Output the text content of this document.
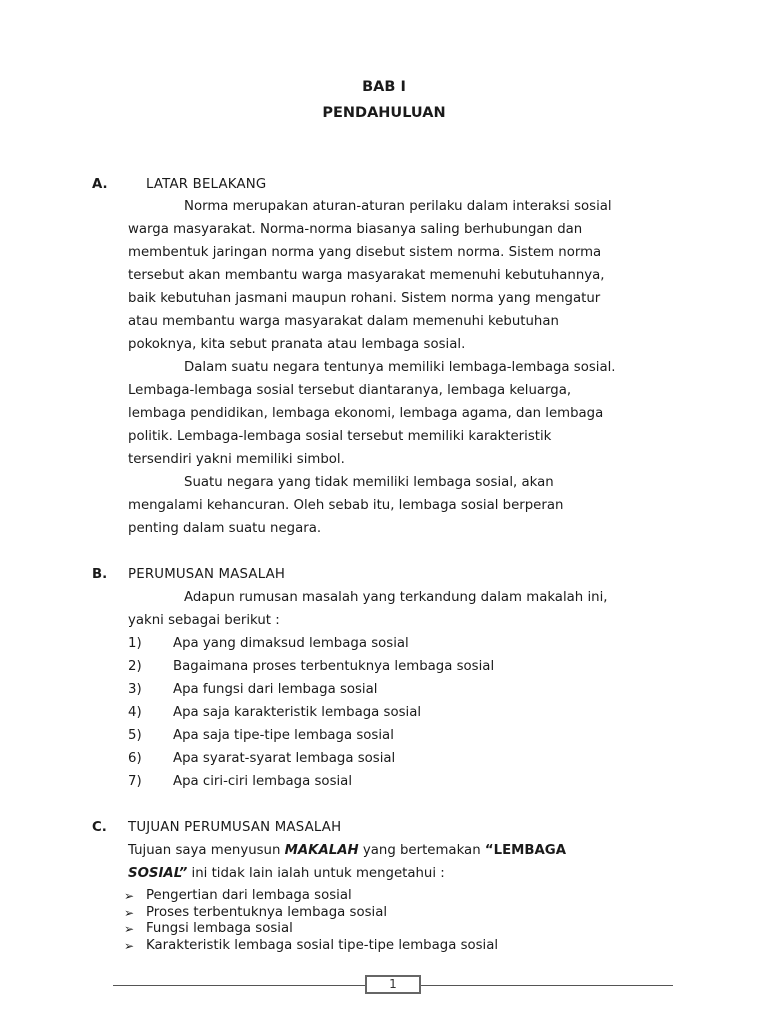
BAB I
PENDAHULUAN
A.	LATAR BELAKANG
Norma merupakan aturan-aturan perilaku dalam interaksi sosial
warga masyarakat. Norma-norma biasanya saling berhubungan dan
membentuk jaringan norma yang disebut sistem norma. Sistem norma
tersebut akan membantu warga masyarakat memenuhi kebutuhannya,
baik kebutuhan jasmani maupun rohani. Sistem norma yang mengatur
atau membantu warga masyarakat dalam memenuhi kebutuhan
pokoknya, kita sebut pranata atau lembaga sosial.
Dalam suatu negara tentunya memiliki lembaga-lembaga sosial.
Lembaga-lembaga sosial tersebut diantaranya, lembaga keluarga,
lembaga pendidikan, lembaga ekonomi, lembaga agama, dan lembaga
politik. Lembaga-lembaga sosial tersebut memiliki karakteristik
tersendiri yakni memiliki simbol.
Suatu negara yang tidak memiliki lembaga sosial, akan
mengalami kehancuran. Oleh sebab itu, lembaga sosial berperan
penting dalam suatu negara.
B. PERUMUSAN MASALAH
Adapun rumusan masalah yang terkandung dalam makalah ini,
yakni sebagai berikut :
1) Apa yang dimaksud lembaga sosial
2) Bagaimana proses terbentuknya lembaga sosial
3) Apa fungsi dari lembaga sosial
4) Apa saja karakteristik lembaga sosial
5) Apa saja tipe-tipe lembaga sosial
6) Apa syarat-syarat lembaga sosial
7) Apa ciri-ciri lembaga sosial
C. TUJUAN PERUMUSAN MASALAH
Tujuan saya menyusun MAKALAH yang bertemakan “LEMBAGA
SOSIAL” ini tidak lain ialah untuk mengetahui :
➢ Pengertian dari lembaga sosial
➢ Proses terbentuknya lembaga sosial
➢ Fungsi lembaga sosial
➢ Karakteristik lembaga sosial tipe-tipe lembaga sosial
1
